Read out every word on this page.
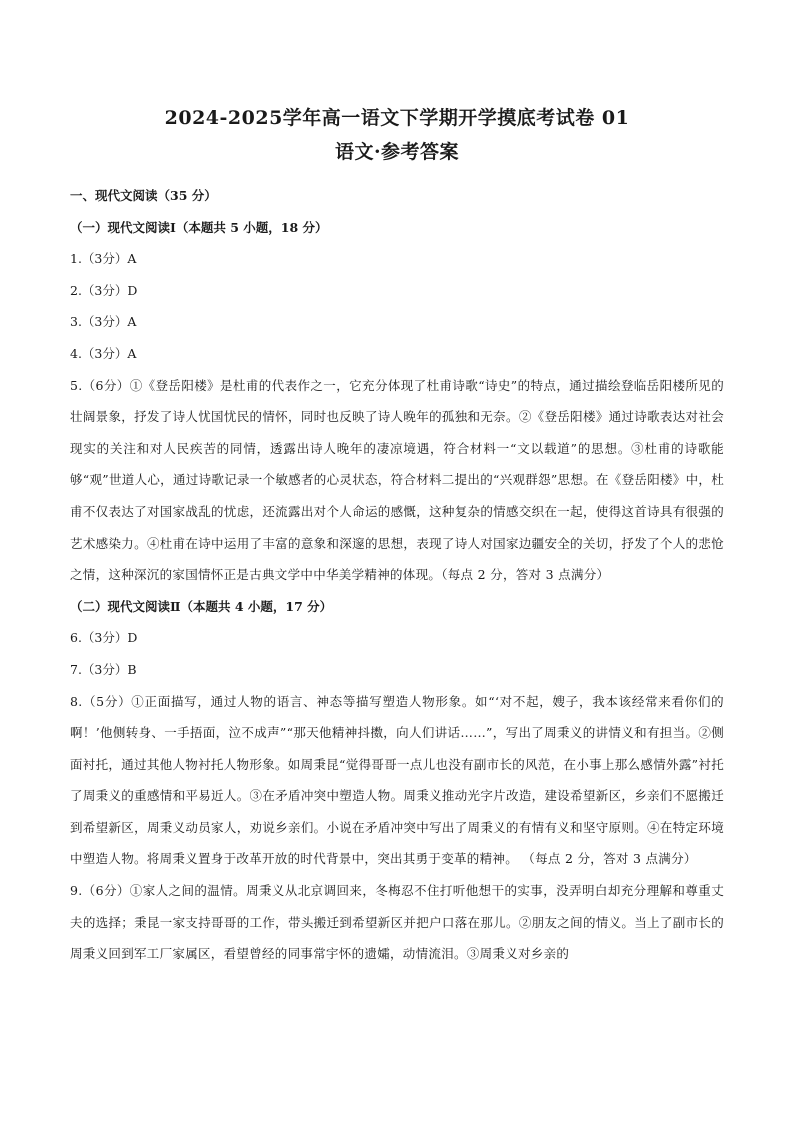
2024-2025学年高一语文下学期开学摸底考试卷 01
语文·参考答案
一、现代文阅读（35 分）
（一）现代文阅读Ⅰ（本题共 5 小题，18 分）
1.（3分）A
2.（3分）D
3.（3分）A
4.（3分）A
5.（6分）①《登岳阳楼》是杜甫的代表作之一，它充分体现了杜甫诗歌“诗史”的特点，通过描绘登临岳阳楼所见的壮阔景象，抒发了诗人忧国忧民的情怀，同时也反映了诗人晚年的孤独和无奈。②《登岳阳楼》通过诗歌表达对社会现实的关注和对人民疾苦的同情，透露出诗人晚年的凄凉境遇，符合材料一“文以载道”的思想。③杜甫的诗歌能够“观”世道人心，通过诗歌记录一个敏感者的心灵状态，符合材料二提出的“兴观群怨”思想。在《登岳阳楼》中，杜甫不仅表达了对国家战乱的忧虑，还流露出对个人命运的感慨，这种复杂的情感交织在一起，使得这首诗具有很强的艺术感染力。④杜甫在诗中运用了丰富的意象和深邃的思想，表现了诗人对国家边疆安全的关切，抒发了个人的悲怆之情，这种深沉的家国情怀正是古典文学中中华美学精神的体现。（每点 2 分，答对 3 点满分）
（二）现代文阅读Ⅱ（本题共 4 小题，17 分）
6.（3分）D
7.（3分）B
8.（5分）①正面描写，通过人物的语言、神态等描写塑造人物形象。如“‘对不起，嫂子，我本该经常来看你们的啊！’他侧转身、一手捂面，泣不成声”“那天他精神抖擞，向人们讲话……”，写出了周秉义的讲情义和有担当。②侧面衬托，通过其他人物衬托人物形象。如周秉昆“觉得哥哥一点儿也没有副市长的风范，在小事上那么感情外露”衬托了周秉义的重感情和平易近人。③在矛盾冲突中塑造人物。周秉义推动光字片改造，建设希望新区，乡亲们不愿搬迁到希望新区，周秉义动员家人，劝说乡亲们。小说在矛盾冲突中写出了周秉义的有情有义和坚守原则。④在特定环境中塑造人物。将周秉义置身于改革开放的时代背景中，突出其勇于变革的精神。 （每点 2 分，答对 3 点满分）
9.（6分）①家人之间的温情。周秉义从北京调回来，冬梅忍不住打听他想干的实事，没弄明白却充分理解和尊重丈夫的选择；秉昆一家支持哥哥的工作，带头搬迁到希望新区并把户口落在那儿。②朋友之间的情义。当上了副市长的周秉义回到军工厂家属区，看望曾经的同事常宇怀的遗孀，动情流泪。③周秉义对乡亲的
